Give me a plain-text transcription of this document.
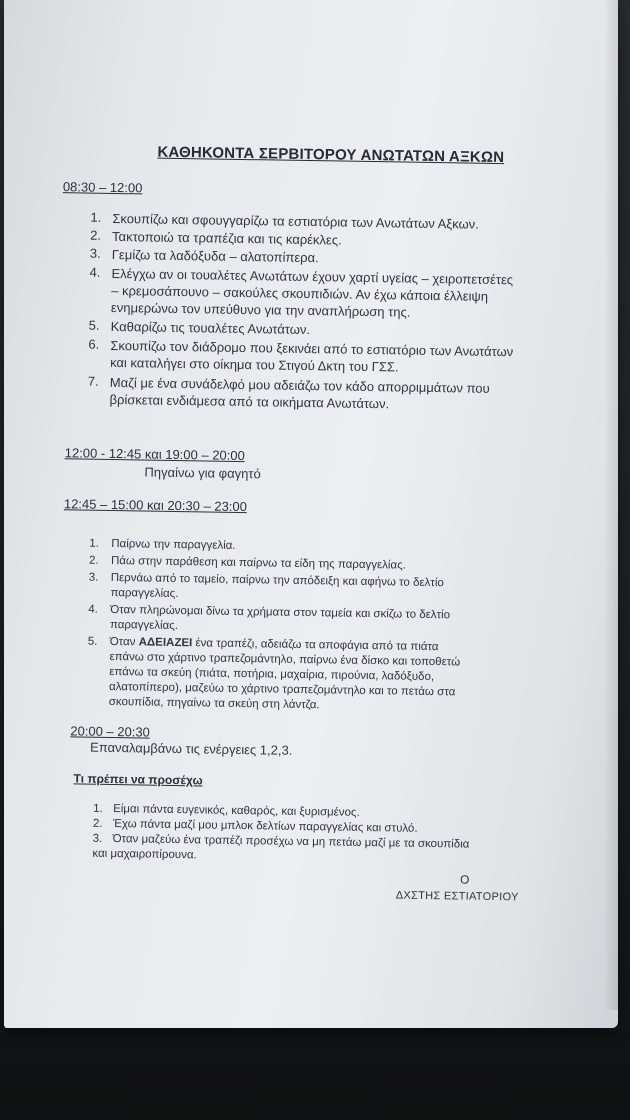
ΚΑΘΗΚΟΝΤΑ ΣΕΡΒΙΤΟΡΟΥ ΑΝΩΤΑΤΩΝ ΑΞΚΩΝ
08:30 – 12:00
1. Σκουπίζω και σφουγγαρίζω τα εστιατόρια των Ανωτάτων Αξκων.
2. Τακτοποιώ τα τραπέζια και τις καρέκλες.
3. Γεμίζω τα λαδόξυδα – αλατοπίπερα.
4. Ελέγχω αν οι τουαλέτες Ανωτάτων έχουν χαρτί υγείας – χειροπετσέτες
– κρεμοσάπουνο – σακούλες σκουπιδιών. Αν έχω κάποια έλλειψη
ενημερώνω τον υπεύθυνο για την αναπλήρωση της.
5. Καθαρίζω τις τουαλέτες Ανωτάτων.
6. Σκουπίζω τον διάδρομο που ξεκινάει από το εστιατόριο των Ανωτάτων
και καταλήγει στο οίκημα του Στιγού Δκτη του ΓΣΣ.
7. Μαζί με ένα συνάδελφό μου αδειάζω τον κάδο απορριμμάτων που
βρίσκεται ενδιάμεσα από τα οικήματα Ανωτάτων.
12:00 - 12:45 και 19:00 – 20:00
Πηγαίνω για φαγητό
12:45 – 15:00 και 20:30 – 23:00
1. Παίρνω την παραγγελία.
2. Πάω στην παράθεση και παίρνω τα είδη της παραγγελίας.
3. Περνάω από το ταμείο, παίρνω την απόδειξη και αφήνω το δελτίο
παραγγελίας.
4. Όταν πληρώνομαι δίνω τα χρήματα στον ταμεία και σκίζω το δελτίο
παραγγελίας.
5. Όταν ΑΔΕΙΑΖΕΙ ένα τραπέζι, αδειάζω τα αποφάγια από τα πιάτα
επάνω στο χάρτινο τραπεζομάντηλο, παίρνω ένα δίσκο και τοποθετώ
επάνω τα σκεύη (πιάτα, ποτήρια, μαχαίρια, πιρούνια, λαδόξυδο,
αλατοπίπερο), μαζεύω το χάρτινο τραπεζομάντηλο και το πετάω στα
σκουπίδια, πηγαίνω τα σκεύη στη λάντζα.
20:00 – 20:30
Επαναλαμβάνω τις ενέργειες 1,2,3.
Τι πρέπει να προσέχω
1. Είμαι πάντα ευγενικός, καθαρός, και ξυρισμένος.
2. Έχω πάντα μαζί μου μπλοκ δελτίων παραγγελίας και στυλό.
3. Όταν μαζεύω ένα τραπέζι προσέχω να μη πετάω μαζί με τα σκουπίδια
και μαχαιροπίρουνα.
Ο
ΔΧΣΤΗΣ ΕΣΤΙΑΤΟΡΙΟΥ
